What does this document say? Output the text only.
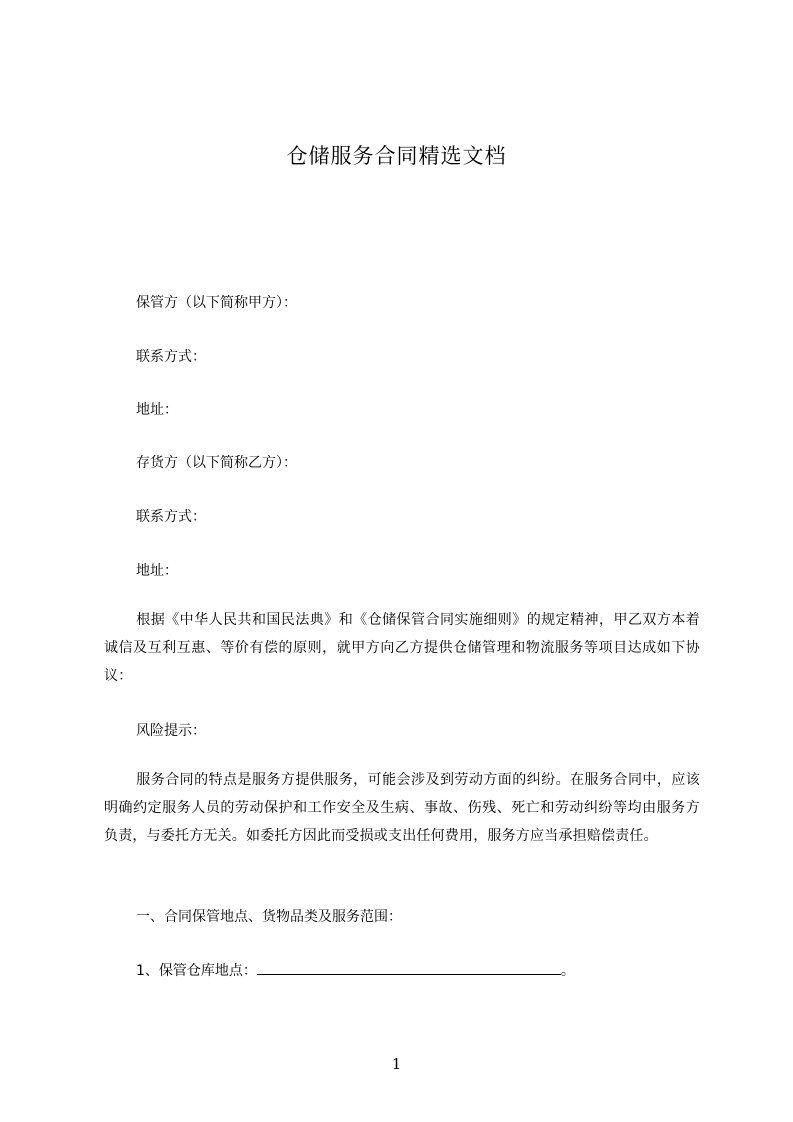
仓储服务合同精选文档
保管方（以下简称甲方）：
联系方式：
地址：
存货方（以下简称乙方）：
联系方式：
地址：
根据《中华人民共和国民法典》和《仓储保管合同实施细则》的规定精神，甲乙双方本着诚信及互利互惠、等价有偿的原则，就甲方向乙方提供仓储管理和物流服务等项目达成如下协议：
风险提示：
服务合同的特点是服务方提供服务，可能会涉及到劳动方面的纠纷。在服务合同中，应该明确约定服务人员的劳动保护和工作安全及生病、事故、伤残、死亡和劳动纠纷等均由服务方负责，与委托方无关。如委托方因此而受损或支出任何费用，服务方应当承担赔偿责任。
一、合同保管地点、货物品类及服务范围：
1、保管仓库地点：	。
1
